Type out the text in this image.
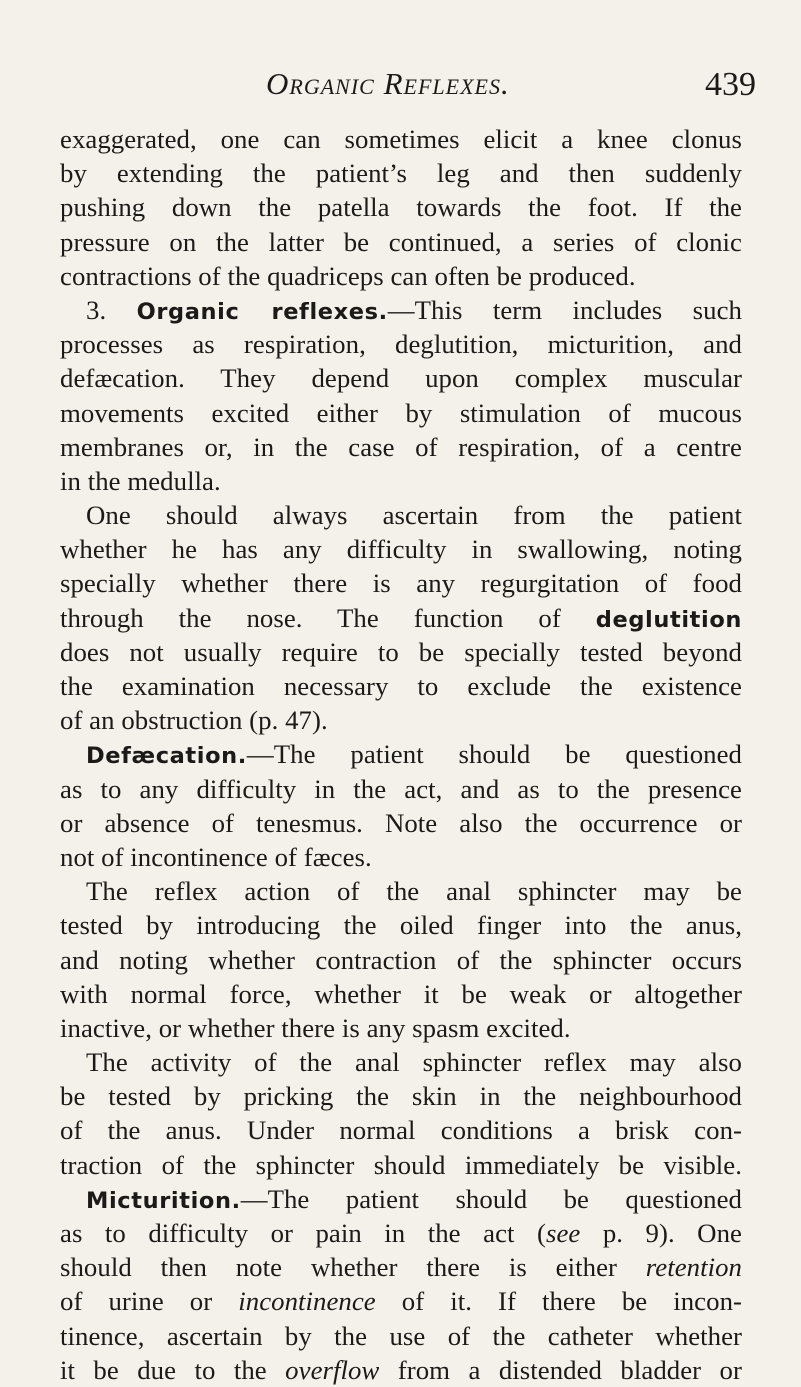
Organic Reflexes.	439
exaggerated, one can sometimes elicit a knee clonus
by extending the patient’s leg and then suddenly
pushing down the patella towards the foot. If the
pressure on the latter be continued, a series of clonic
contractions of the quadriceps can often be produced.
3. Organic reflexes.—This term includes such
processes as respiration, deglutition, micturition, and
defæcation. They depend upon complex muscular
movements excited either by stimulation of mucous
membranes or, in the case of respiration, of a centre
in the medulla.
One should always ascertain from the patient
whether he has any difficulty in swallowing, noting
specially whether there is any regurgitation of food
through the nose. The function of deglutition
does not usually require to be specially tested beyond
the examination necessary to exclude the existence
of an obstruction (p. 47).
Defæcation.—The patient should be questioned
as to any difficulty in the act, and as to the presence
or absence of tenesmus. Note also the occurrence or
not of incontinence of fæces.
The reflex action of the anal sphincter may be
tested by introducing the oiled finger into the anus,
and noting whether contraction of the sphincter occurs
with normal force, whether it be weak or altogether
inactive, or whether there is any spasm excited.
The activity of the anal sphincter reflex may also
be tested by pricking the skin in the neighbourhood
of the anus. Under normal conditions a brisk con-
traction of the sphincter should immediately be visible.
Micturition.—The patient should be questioned
as to difficulty or pain in the act (see p. 9). One
should then note whether there is either retention
of urine or incontinence of it. If there be incon-
tinence, ascertain by the use of the catheter whether
it be due to the overflow from a distended bladder or
